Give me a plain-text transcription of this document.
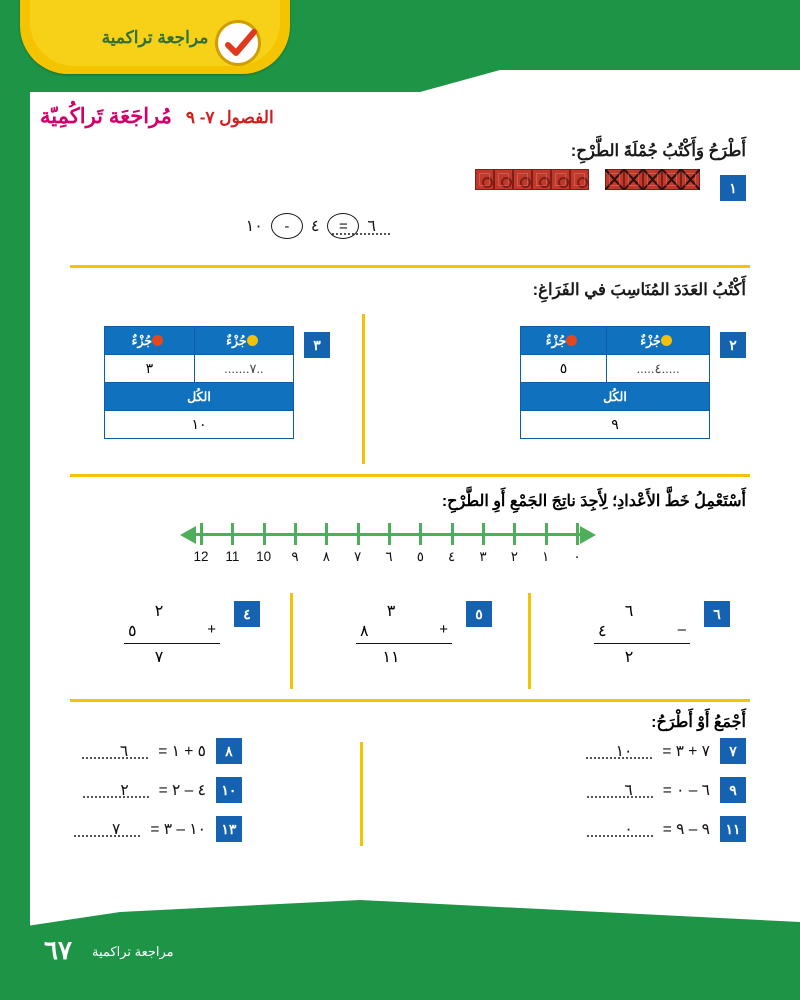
مراجعة تراكمية
مُراجَعَة تَراكُمِيّة الفصول ٧- ٩
أَطْرَحُ وَأَكْتُبُ جُمْلَةَ الطَّرْحِ:
١
٦
=
٤
-
١٠
أَكْتُبُ العَدَدَ المُنَاسِبَ في الفَرَاغِ:
٢
جُزْءٌ	جُزْءٌ
.....٤.....	٥
الكُل	
٩	
٣
جُزْءٌ	جُزْءٌ
..٧.......	٣
الكُل	
١٠	
أَسْتَعْمِلُ خَطَّ الأَعْدادِ؛ لِأَجِدَ ناتِجَ الجَمْعِ أَوِ الطَّرْحِ:
12 11 10 ٩ ٨ ٧ ٦ ٥ ٤ ٣ ٢ ١ ٠
٤
٢
٥	+
٧
٥
٣
٨	+
١١
٦
٦
٤	–
٢
أَجْمَعُ أَوْ أَطْرَحُ:
٧
٧ + ٣ =
١٠
٩
٦ – ٠ =
٦
١١
٩ – ٩ =
٠
٨
٥ + ١ =
٦
١٠
٤ – ٢ =
٢
١٣
١٠ – ٣ =
٧
٦٧ مراجعة تراكمية
